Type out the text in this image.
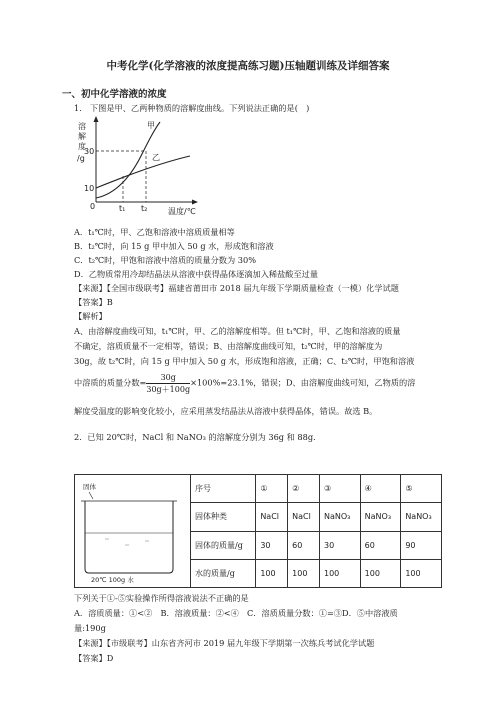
中考化学(化学溶液的浓度提高练习题)压轴题训练及详细答案
一、初中化学溶液的浓度
1.　下图是甲、乙两种物质的溶解度曲线。下列说法正确的是(　)
溶
解
度
/g
30
10
0	t₁ t₂	温度/℃
甲
乙
A．t₁℃时，甲、乙饱和溶液中溶质质量相等
B．t₂℃时，向 15 g 甲中加入 50 g 水，形成饱和溶液
C．t₂℃时，甲饱和溶液中溶质的质量分数为 30%
D．乙物质常用冷却结晶法从溶液中获得晶体逐滴加入稀盐酸至过量
【来源】【全国市级联考】福建省莆田市 2018 届九年级下学期质量检查（一模）化学试题
【答案】B
【解析】
A、由溶解度曲线可知，t₁℃时，甲、乙的溶解度相等。但 t₁℃时，甲、乙饱和溶液的质量
不确定，溶质质量不一定相等，错误；B、由溶解度曲线可知，t₂℃时，甲的溶解度为
30g，故 t₂℃时，向 15 g 甲中加入 50 g 水，形成饱和溶液，正确；C、t₂℃时，甲饱和溶液
中溶质的质量分数= $\frac{30g}{30g+100g} \times 100\%=23.1\%$，错误；D、由溶解度曲线可知，乙物质的溶
解度受温度的影响变化较小，应采用蒸发结晶法从溶液中获得晶体，错误。故选 B。
2．已知 20℃时，NaCl 和 NaNO₃ 的溶解度分别为 36g 和 88g.
固体
20℃ 100g 水	序号	①	②	③	④	⑤
	固体种类	NaCl	NaCl	NaNO₃	NaNO₃	NaNO₃
	固体的质量/g	30	60	30	60	90
	水的质量/g	100	100	100	100	100
下列关于①-⑤实验操作所得溶液说法不正确的是
A．溶质质量：①<②　B．溶液质量：②<④　C．溶质质量分数：①=③D．⑤中溶液质
量:190g
【来源】【市级联考】山东省齐河市 2019 届九年级下学期第一次练兵考试化学试题
【答案】D
